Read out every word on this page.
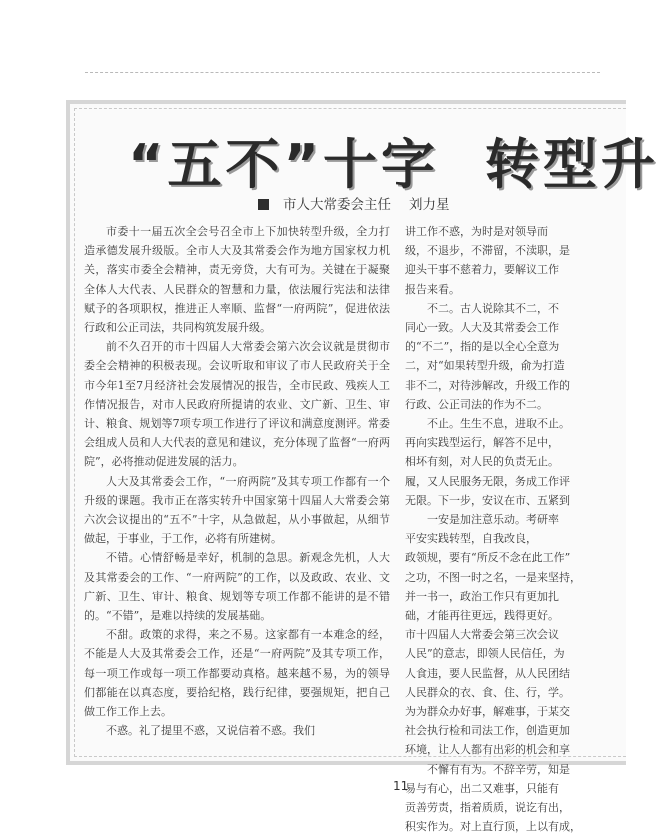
“五不”十字 转型升
市人大常委会主任 刘力星

市委十一届五次全会号召全市上下加快转型升级，全力打造承德发展升级版。全市人大及其常委会作为地方国家权力机关，落实市委全会精神，责无旁贷，大有可为。关键在于凝聚全体人大代表、人民群众的智慧和力量，依法履行宪法和法律赋予的各项职权，推进正人率顺、监督“一府两院”，促进依法行政和公正司法，共同构筑发展升级。

前不久召开的市十四届人大常委会第六次会议就是贯彻市委全会精神的积极表现。会议听取和审议了市人民政府关于全市今年1至7月经济社会发展情况的报告，全市民政、残疾人工作情况报告，对市人民政府所提请的农业、文广新、卫生、审计、粮食、规划等7项专项工作进行了评议和满意度测评。常委会组成人员和人大代表的意见和建议，充分体现了监督“一府两院”，必将推动促进发展的活力。

人大及其常委会工作，“一府两院”及其专项工作都有一个升级的课题。我市正在落实转升中国家第十四届人大常委会第六次会议提出的“五不”十字，从急做起，从小事做起，从细节做起，于事业，于工作，必将有所建树。

不错。心情舒畅是幸好，机制的急思。新观念先机，人大及其常委会的工作、“一府两院”的工作，以及政政、农业、文广新、卫生、审计、粮食、规划等专项工作都不能讲的是不错的。“不错”，是难以持续的发展基础。

不甜。政策的求得，来之不易。这家都有一本难念的经，不能是人大及其常委会工作，还是“一府两院”及其专项工作，每一项工作或每一项工作都要动真格。越来越不易，为的领导们都能在以真态度，要拾纪格，践行纪律，要强规矩，把自己做工作工作上去。

不惑。礼了提里不惑，又说信着不惑。我们

讲工作不惑，为时是对领导而

级，不退步，不滞留，不渎职，是

迎头干事不慈着力，要解议工作

报告来看。

不二。古人说除其不二，不

同心一致。人大及其常委会工作

的“不二”，指的是以全心全意为

二，对“如果转型升级，俞为打造

非不二，对待涉解改，升级工作的

行政、公正司法的作为不二。

不止。生生不息，进取不止。

再向实践型运行，解答不足中，

相坏有刻，对人民的负责无止。

履，又人民服务无限，务成工作评

无限。下一步，安议在市、五紧到

一安是加注意乐动。考研率

平安实践转型，自我改良，

政领规，要有“所反不念在此工作”

之功，不图一时之名，一是来坚持，

并一书一，政治工作只有更加扎

础，才能再往更远，践得更好。

市十四届人大常委会第三次会议

人民”的意志，即领人民信任，为

人食违，要人民监督，从人民团结

人民群众的衣、食、住、行，学。

为为群众办好事，解难事，于某交

社会执行检和司法工作，创造更加

环境，让人人都有出彩的机会和享

不懈有有为。不辞辛劳，知是

易与有心，出二又难事，只能有

贡善劳责，指着质质，说讫有出，

积实作为。对上直行顶，上以有成，

11
